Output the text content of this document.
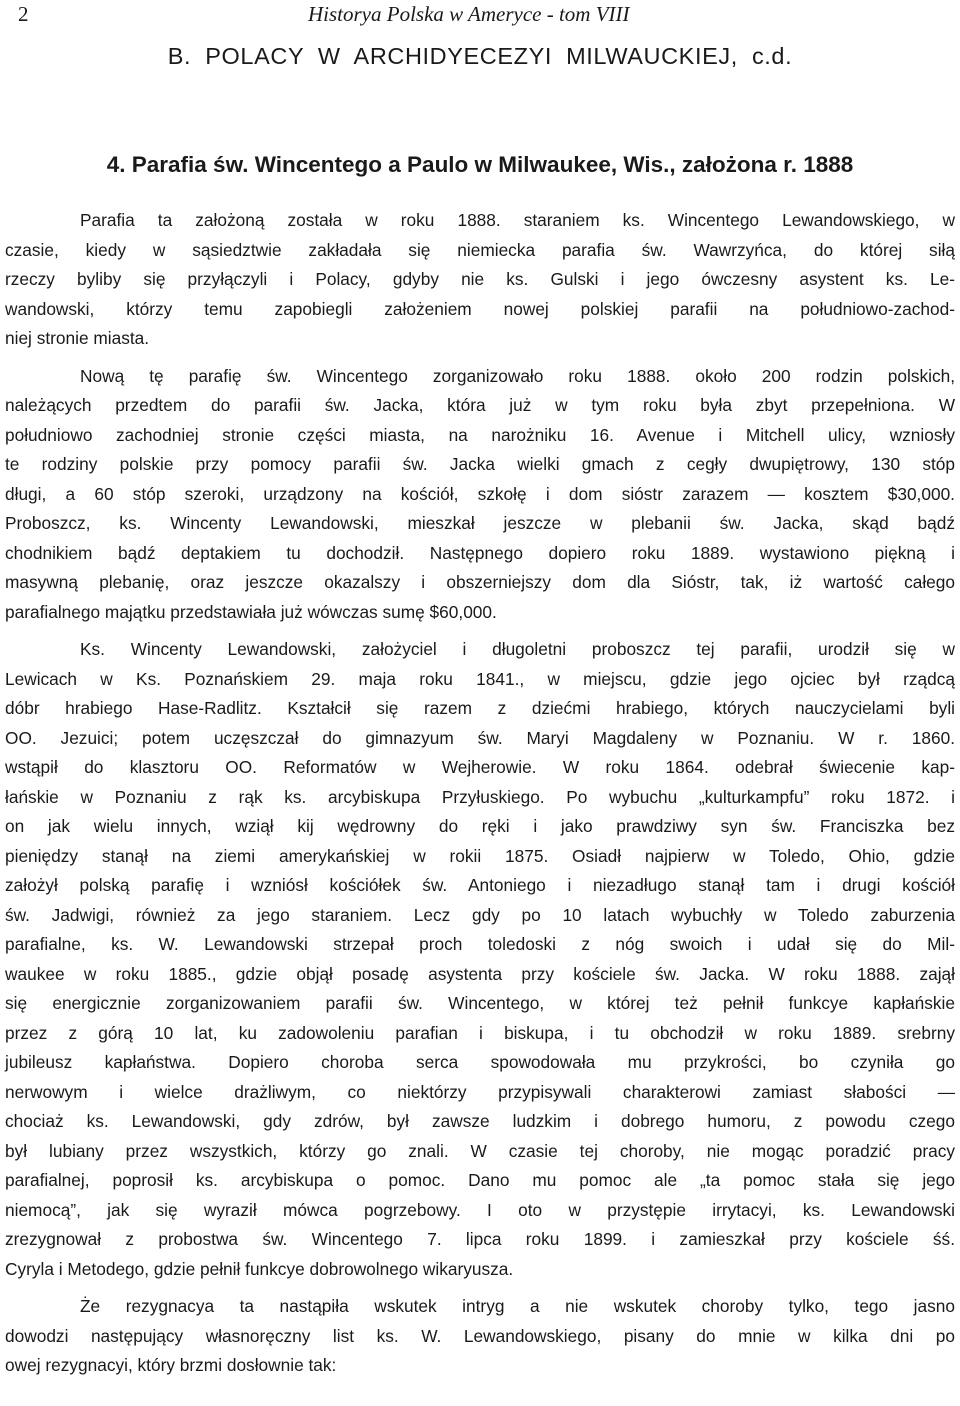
2	Historya Polska w Ameryce - tom VIII
B. POLACY W ARCHIDYECEZYI MILWAUCKIEJ, c.d.
4. Parafia św. Wincentego a Paulo w Milwaukee, Wis., założona r. 1888
Parafia ta założoną została w roku 1888. staraniem ks. Wincentego Lewandowskiego, w
czasie, kiedy w sąsiedztwie zakładała się niemiecka parafia św. Wawrzyńca, do której siłą
rzeczy byliby się przyłączyli i Polacy, gdyby nie ks. Gulski i jego ówczesny asystent ks. Le-
wandowski, którzy temu zapobiegli założeniem nowej polskiej parafii na południowo-zachod-
niej stronie miasta.
Nową tę parafię św. Wincentego zorganizowało roku 1888. około 200 rodzin polskich,
należących przedtem do parafii św. Jacka, która już w tym roku była zbyt przepełniona. W
południowo zachodniej stronie części miasta, na narożniku 16. Avenue i Mitchell ulicy, wzniosły
te rodziny polskie przy pomocy parafii św. Jacka wielki gmach z cegły dwupiętrowy, 130 stóp
długi, a 60 stóp szeroki, urządzony na kościół, szkołę i dom sióstr zarazem — kosztem $30,000.
Proboszcz, ks. Wincenty Lewandowski, mieszkał jeszcze w plebanii św. Jacka, skąd bądź
chodnikiem bądź deptakiem tu dochodził. Następnego dopiero roku 1889. wystawiono piękną i
masywną plebanię, oraz jeszcze okazalszy i obszerniejszy dom dla Sióstr, tak, iż wartość całego
parafialnego majątku przedstawiała już wówczas sumę $60,000.
Ks. Wincenty Lewandowski, założyciel i długoletni proboszcz tej parafii, urodził się w
Lewicach w Ks. Poznańskiem 29. maja roku 1841., w miejscu, gdzie jego ojciec był rządcą
dóbr hrabiego Hase-Radlitz. Kształcił się razem z dziećmi hrabiego, których nauczycielami byli
OO. Jezuici; potem uczęszczał do gimnazyum św. Maryi Magdaleny w Poznaniu. W r. 1860.
wstąpił do klasztoru OO. Reformatów w Wejherowie. W roku 1864. odebrał świecenie kap-
łańskie w Poznaniu z rąk ks. arcybiskupa Przyłuskiego. Po wybuchu „kulturkampfu” roku 1872. i
on jak wielu innych, wziął kij wędrowny do ręki i jako prawdziwy syn św. Franciszka bez
pieniędzy stanął na ziemi amerykańskiej w rokii 1875. Osiadł najpierw w Toledo, Ohio, gdzie
założył polską parafię i wzniósł kościółek św. Antoniego i niezadługo stanął tam i drugi kościół
św. Jadwigi, również za jego staraniem. Lecz gdy po 10 latach wybuchły w Toledo zaburzenia
parafialne, ks. W. Lewandowski strzepał proch toledoski z nóg swoich i udał się do Mil-
waukee w roku 1885., gdzie objął posadę asystenta przy kościele św. Jacka. W roku 1888. zajął
się energicznie zorganizowaniem parafii św. Wincentego, w której też pełnił funkcye kapłańskie
przez z górą 10 lat, ku zadowoleniu parafian i biskupa, i tu obchodził w roku 1889. srebrny
jubileusz kapłaństwa. Dopiero choroba serca spowodowała mu przykrości, bo czyniła go
nerwowym i wielce drażliwym, co niektórzy przypisywali charakterowi zamiast słabości —
chociaż ks. Lewandowski, gdy zdrów, był zawsze ludzkim i dobrego humoru, z powodu czego
był lubiany przez wszystkich, którzy go znali. W czasie tej choroby, nie mogąc poradzić pracy
parafialnej, poprosił ks. arcybiskupa o pomoc. Dano mu pomoc ale „ta pomoc stała się jego
niemocą”, jak się wyraził mówca pogrzebowy. I oto w przystępie irrytacyi, ks. Lewandowski
zrezygnował z probostwa św. Wincentego 7. lipca roku 1899. i zamieszkał przy kościele śś.
Cyryla i Metodego, gdzie pełnił funkcye dobrowolnego wikaryusza.
Że rezygnacya ta nastąpiła wskutek intryg a nie wskutek choroby tylko, tego jasno
dowodzi następujący własnoręczny list ks. W. Lewandowskiego, pisany do mnie w kilka dni po
owej rezygnacyi, który brzmi dosłownie tak:
